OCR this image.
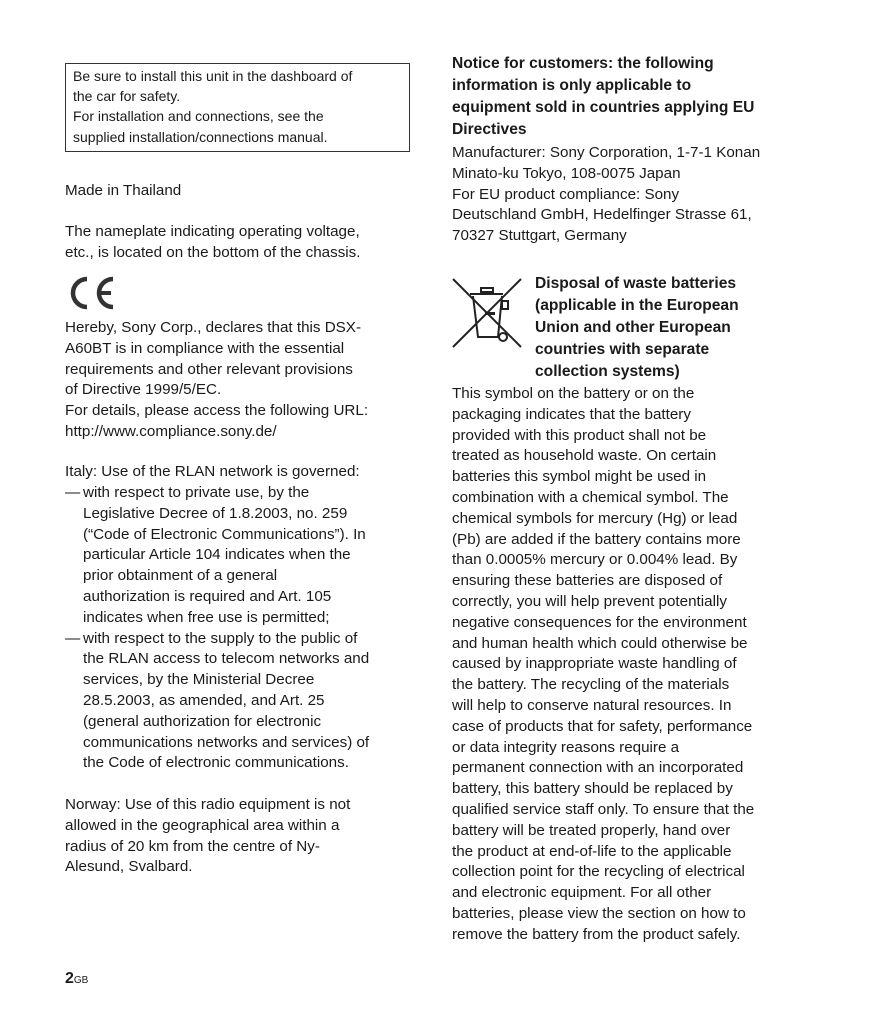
Be sure to install this unit in the dashboard of
the car for safety.
For installation and connections, see the
supplied installation/connections manual.
Made in Thailand
The nameplate indicating operating voltage,
etc., is located on the bottom of the chassis.
Hereby, Sony Corp., declares that this DSX-
A60BT is in compliance with the essential
requirements and other relevant provisions
of Directive 1999/5/EC.
For details, please access the following URL:
http://www.compliance.sony.de/
Italy: Use of the RLAN network is governed:
— with respect to private use, by the
Legislative Decree of 1.8.2003, no. 259
(“Code of Electronic Communications”). In
particular Article 104 indicates when the
prior obtainment of a general
authorization is required and Art. 105
indicates when free use is permitted;
— with respect to the supply to the public of
the RLAN access to telecom networks and
services, by the Ministerial Decree
28.5.2003, as amended, and Art. 25
(general authorization for electronic
communications networks and services) of
the Code of electronic communications.
Norway: Use of this radio equipment is not
allowed in the geographical area within a
radius of 20 km from the centre of Ny-
Alesund, Svalbard.
Notice for customers: the following
information is only applicable to
equipment sold in countries applying EU
Directives
Manufacturer: Sony Corporation, 1-7-1 Konan
Minato-ku Tokyo, 108-0075 Japan
For EU product compliance: Sony
Deutschland GmbH, Hedelfinger Strasse 61,
70327 Stuttgart, Germany
Disposal of waste batteries
(applicable in the European
Union and other European
countries with separate
collection systems)
This symbol on the battery or on the
packaging indicates that the battery
provided with this product shall not be
treated as household waste. On certain
batteries this symbol might be used in
combination with a chemical symbol. The
chemical symbols for mercury (Hg) or lead
(Pb) are added if the battery contains more
than 0.0005% mercury or 0.004% lead. By
ensuring these batteries are disposed of
correctly, you will help prevent potentially
negative consequences for the environment
and human health which could otherwise be
caused by inappropriate waste handling of
the battery. The recycling of the materials
will help to conserve natural resources. In
case of products that for safety, performance
or data integrity reasons require a
permanent connection with an incorporated
battery, this battery should be replaced by
qualified service staff only. To ensure that the
battery will be treated properly, hand over
the product at end-of-life to the applicable
collection point for the recycling of electrical
and electronic equipment. For all other
batteries, please view the section on how to
remove the battery from the product safely.
2GB
